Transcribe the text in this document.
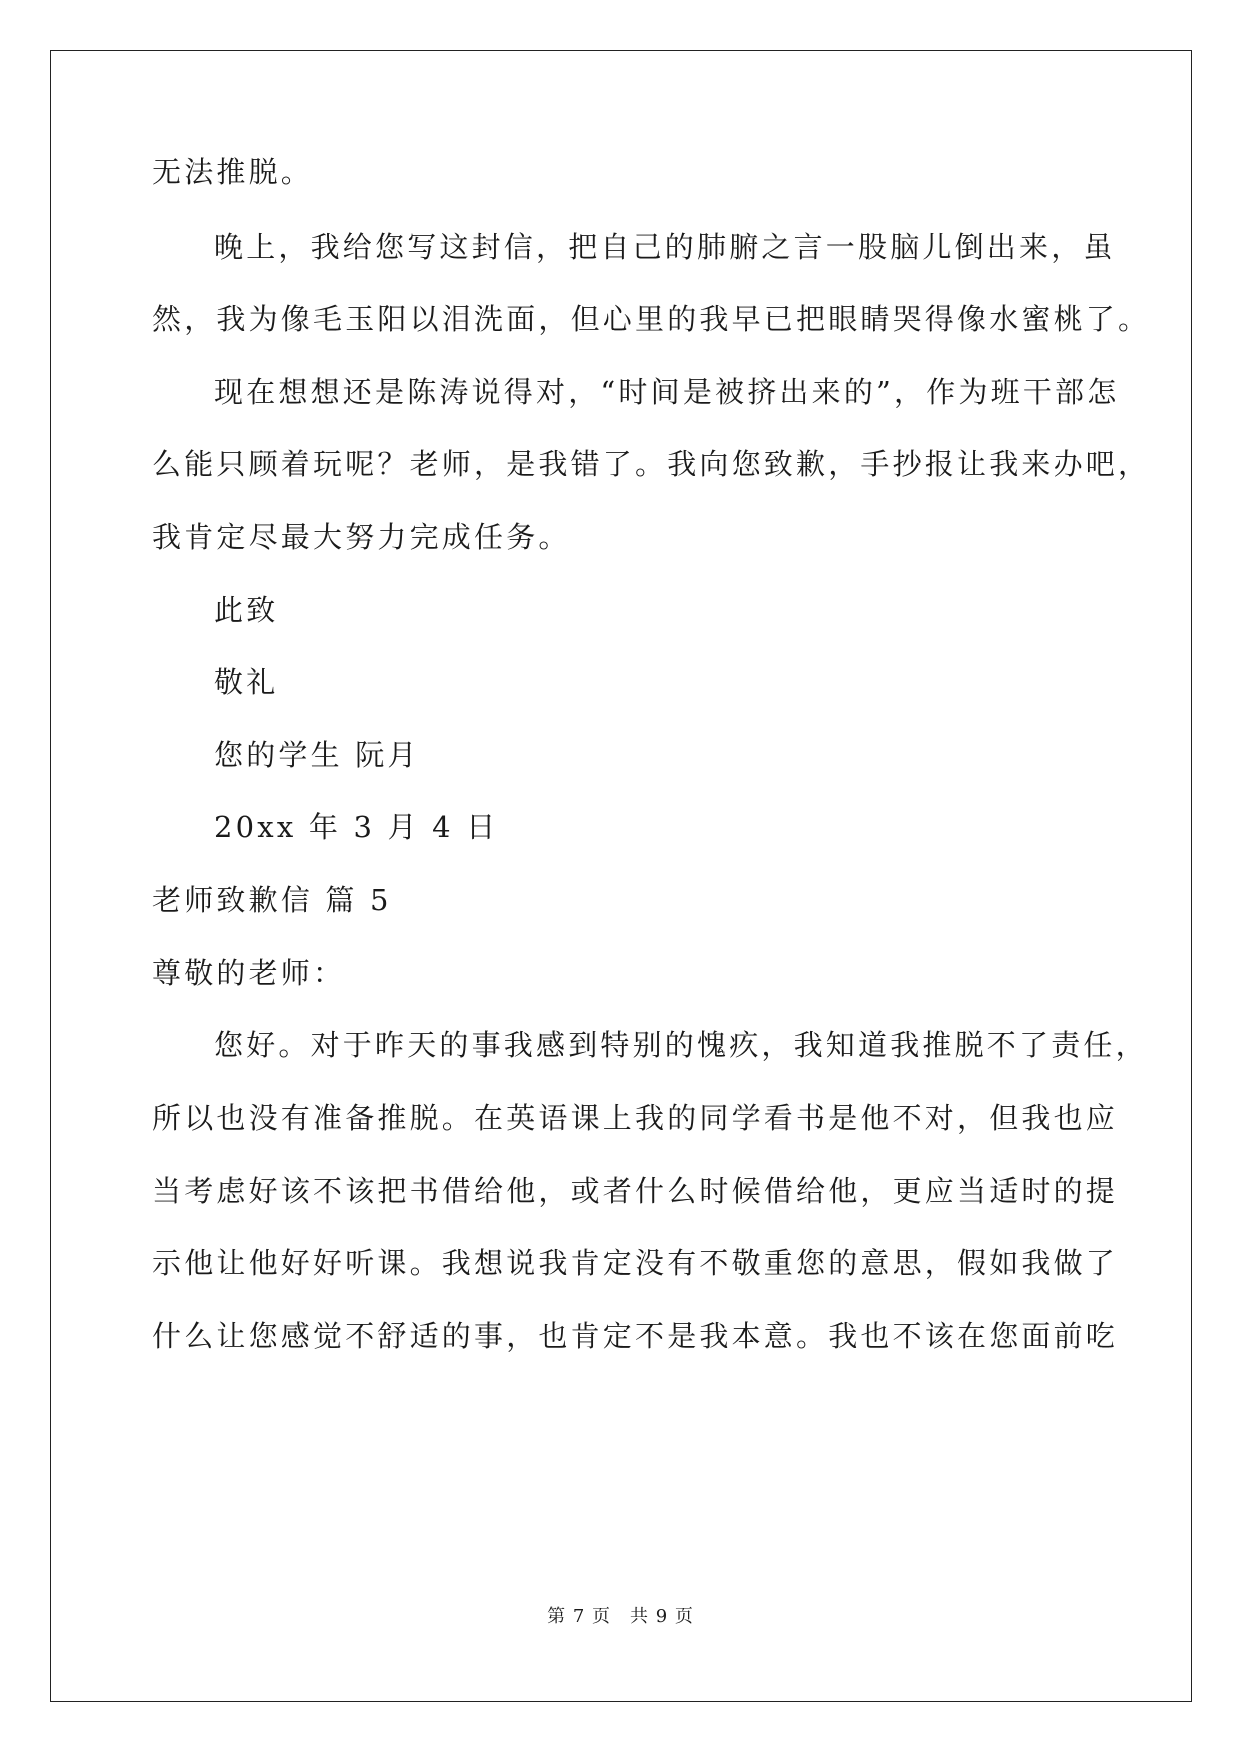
无法推脱。
晚上，我给您写这封信，把自己的肺腑之言一股脑儿倒出来，虽
然，我为像毛玉阳以泪洗面，但心里的我早已把眼睛哭得像水蜜桃了。
现在想想还是陈涛说得对，“时间是被挤出来的”，作为班干部怎
么能只顾着玩呢？老师，是我错了。我向您致歉，手抄报让我来办吧，
我肯定尽最大努力完成任务。
此致
敬礼
您的学生 阮月
20xx 年 3 月 4 日
老师致歉信 篇 5
尊敬的老师：
您好。对于昨天的事我感到特别的愧疚，我知道我推脱不了责任，
所以也没有准备推脱。在英语课上我的同学看书是他不对，但我也应
当考虑好该不该把书借给他，或者什么时候借给他，更应当适时的提
示他让他好好听课。我想说我肯定没有不敬重您的意思，假如我做了
什么让您感觉不舒适的事，也肯定不是我本意。我也不该在您面前吃
第 7 页　共 9 页
